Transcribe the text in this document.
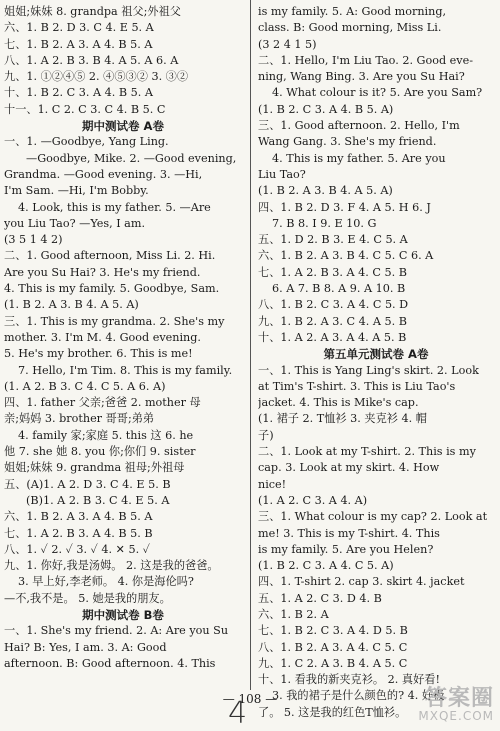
姐姐;妹妹 8. grandpa 祖父;外祖父
六、1. B 2. D 3. C 4. E 5. A
七、1. B 2. A 3. A 4. B 5. A
八、1. A 2. B 3. B 4. A 5. A 6. A
九、1. ①②④⑤ 2. ④⑤③② 3. ③②
十、1. B 2. C 3. A 4. B 5. A
十一、1. C 2. C 3. C 4. B 5. C
期中测试卷 A卷
一、1. —Goodbye, Yang Ling.
—Goodbye, Mike. 2. —Good evening,
Grandma. —Good evening. 3. —Hi,
I'm Sam. —Hi, I'm Bobby.
4. Look, this is my father. 5. —Are
you Liu Tao? —Yes, I am.
(3 5 1 4 2)
二、1. Good afternoon, Miss Li. 2. Hi.
Are you Su Hai? 3. He's my friend.
4. This is my family. 5. Goodbye, Sam.
(1. B 2. A 3. B 4. A 5. A)
三、1. This is my grandma. 2. She's my
mother. 3. I'm M. 4. Good evening.
5. He's my brother. 6. This is me!
7. Hello, I'm Tim. 8. This is my family.
(1. A 2. B 3. C 4. C 5. A 6. A)
四、1. father 父亲;爸爸 2. mother 母
亲;妈妈 3. brother 哥哥;弟弟
4. family 家;家庭 5. this 这 6. he
他 7. she 她 8. you 你;你们 9. sister
姐姐;妹妹 9. grandma 祖母;外祖母
五、(A)1. A 2. D 3. C 4. E 5. B
(B)1. A 2. B 3. C 4. E 5. A
六、1. B 2. A 3. A 4. B 5. A
七、1. A 2. B 3. A 4. B 5. B
八、1. ✓ 2. ✓ 3. ✓ 4. ✕ 5. ✓
九、1. 你好,我是汤姆。 2. 这是我的爸爸。
3. 早上好,李老师。 4. 你是海伦吗?
—不,我不是。 5. 她是我的朋友。
期中测试卷 B卷
一、1. She's my friend. 2. A: Are you Su
Hai? B: Yes, I am. 3. A: Good
afternoon. B: Good afternoon. 4. This
is my family. 5. A: Good morning,
class. B: Good morning, Miss Li.
(3 2 4 1 5)
二、1. Hello, I'm Liu Tao. 2. Good eve-
ning, Wang Bing. 3. Are you Su Hai?
4. What colour is it? 5. Are you Sam?
(1. B 2. C 3. A 4. B 5. A)
三、1. Good afternoon. 2. Hello, I'm
Wang Gang. 3. She's my friend.
4. This is my father. 5. Are you
Liu Tao?
(1. B 2. A 3. B 4. A 5. A)
四、1. B 2. D 3. F 4. A 5. H 6. J
7. B 8. I 9. E 10. G
五、1. D 2. B 3. E 4. C 5. A
六、1. B 2. A 3. B 4. C 5. C 6. A
七、1. A 2. B 3. A 4. C 5. B
6. A 7. B 8. A 9. A 10. B
八、1. B 2. C 3. A 4. C 5. D
九、1. B 2. A 3. C 4. A 5. B
十、1. A 2. A 3. A 4. A 5. B
第五单元测试卷 A卷
一、1. This is Yang Ling's skirt. 2. Look
at Tim's T-shirt. 3. This is Liu Tao's
jacket. 4. This is Mike's cap.
(1. 裙子 2. T恤衫 3. 夹克衫 4. 帽
子)
二、1. Look at my T-shirt. 2. This is my
cap. 3. Look at my skirt. 4. How
nice!
(1. A 2. C 3. A 4. A)
三、1. What colour is my cap? 2. Look at
me! 3. This is my T-shirt. 4. This
is my family. 5. Are you Helen?
(1. B 2. C 3. A 4. C 5. A)
四、1. T-shirt 2. cap 3. skirt 4. jacket
五、1. A 2. C 3. D 4. B
六、1. B 2. A
七、1. B 2. C 3. A 4. D 5. B
八、1. B 2. A 3. A 4. C 5. C
九、1. C 2. A 3. B 4. A 5. C
十、1. 看我的新夹克衫。 2. 真好看!
3. 我的裙子是什么颜色的? 4. 好极
了。 5. 这是我的红色T恤衫。
— 108 —
4	答案圈
MXQE.COM
